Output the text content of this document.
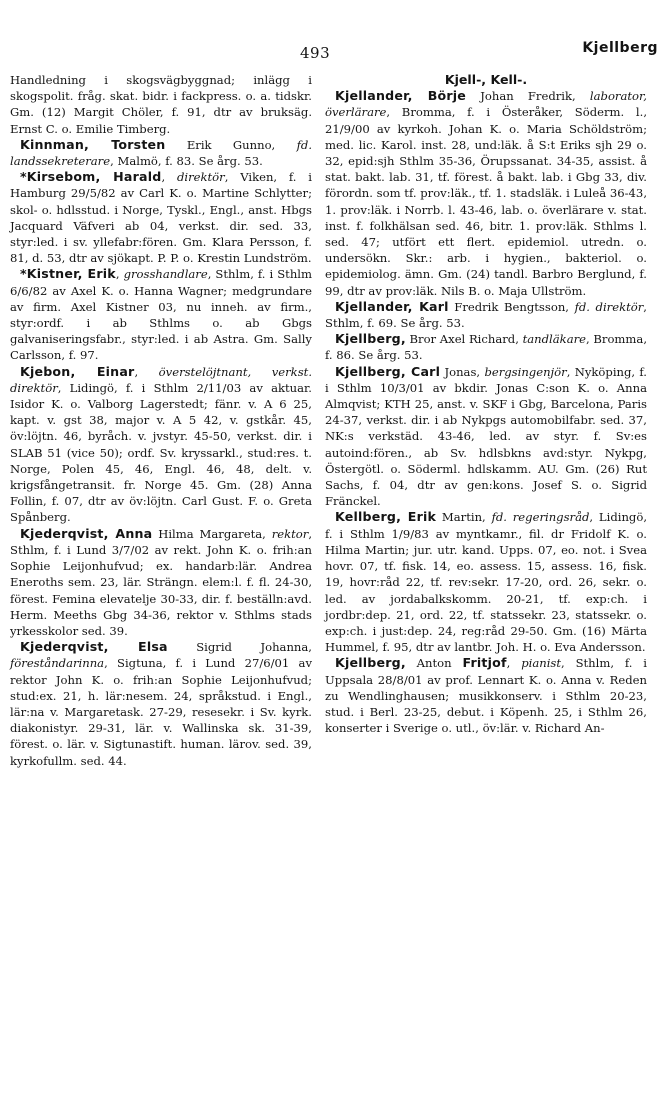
493	Kjellberg

Handledning i skogsvägbyggnad; inlägg i skogspolit. fråg. skat. bidr. i fackpress. o. a. tidskr. Gm. (12) Margit Chöler, f. 91, dtr av bruksäg. Ernst C. o. Emilie Timberg.

Kinnman, Torsten Erik Gunno, fd. landssekreterare, Malmö, f. 83. Se årg. 53.

*Kirsebom, Harald, direktör, Viken, f. i Hamburg 29/5/82 av Carl K. o. Martine Schlytter; skol- o. hdlsstud. i Norge, Tyskl., Engl., anst. Hbgs Jacquard Väfveri ab 04, verkst. dir. sed. 33, styr:led. i sv. yllefabr:fören. Gm. Klara Persson, f. 81, d. 53, dtr av sjökapt. P. P. o. Krestin Lundström.

*Kistner, Erik, grosshandlare, Sthlm, f. i Sthlm 6/6/82 av Axel K. o. Hanna Wagner; medgrundare av firm. Axel Kistner 03, nu inneh. av firm., styr:ordf. i ab Sthlms o. ab Gbgs galvaniseringsfabr., styr:led. i ab Astra. Gm. Sally Carlsson, f. 97.

Kjebon, Einar, överstelöjtnant, verkst. direktör, Lidingö, f. i Sthlm 2/11/03 av aktuar. Isidor K. o. Valborg Lagerstedt; fänr. v. A 6 25, kapt. v. gst 38, major v. A 5 42, v. gstkår. 45, öv:löjtn. 46, byråch. v. jvstyr. 45-50, verkst. dir. i SLAB 51 (vice 50); ordf. Sv. kryssarkl., stud:res. t. Norge, Polen 45, 46, Engl. 46, 48, delt. v. krigsfångetransit. fr. Norge 45. Gm. (28) Anna Follin, f. 07, dtr av öv:löjtn. Carl Gust. F. o. Greta Spånberg.

Kjederqvist, Anna Hilma Margareta, rektor, Sthlm, f. i Lund 3/7/02 av rekt. John K. o. frih:an Sophie Leijonhufvud; ex. handarb:lär. Andrea Eneroths sem. 23, lär. Strängn. elem:l. f. fl. 24-30, förest. Femina elevatelje 30-33, dir. f. beställn:avd. Herm. Meeths Gbg 34-36, rektor v. Sthlms stads yrkesskolor sed. 39.

Kjederqvist, Elsa Sigrid Johanna, föreståndarinna, Sigtuna, f. i Lund 27/6/01 av rektor John K. o. frih:an Sophie Leijonhufvud; stud:ex. 21, h. lär:nesem. 24, språkstud. i Engl., lär:na v. Margaretask. 27-29, resesekr. i Sv. kyrk. diakonistyr. 29-31, lär. v. Wallinska sk. 31-39, förest. o. lär. v. Sigtunastift. human. lärov. sed. 39, kyrkofullm. sed. 44.

Kjell-, Kell-.

Kjellander, Börje Johan Fredrik, laborator, överlärare, Bromma, f. i Österåker, Söderm. l., 21/9/00 av kyrkoh. Johan K. o. Maria Schöldström; med. lic. Karol. inst. 28, und:läk. å S:t Eriks sjh 29 o. 32, epid:sjh Sthlm 35-36, Örupssanat. 34-35, assist. å stat. bakt. lab. 31, tf. förest. å bakt. lab. i Gbg 33, div. förordn. som tf. prov:läk., tf. 1. stadsläk. i Luleå 36-43, 1. prov:läk. i Norrb. l. 43-46, lab. o. överlärare v. stat. inst. f. folkhälsan sed. 46, bitr. 1. prov:läk. Sthlms l. sed. 47; utfört ett flert. epidemiol. utredn. o. undersökn. Skr.: arb. i hygien., bakteriol. o. epidemiolog. ämn. Gm. (24) tandl. Barbro Berglund, f. 99, dtr av prov:läk. Nils B. o. Maja Ullström.

Kjellander, Karl Fredrik Bengtsson, fd. direktör, Sthlm, f. 69. Se årg. 53.

Kjellberg, Bror Axel Richard, tandläkare, Bromma, f. 86. Se årg. 53.

Kjellberg, Carl Jonas, bergsingenjör, Nyköping, f. i Sthlm 10/3/01 av bkdir. Jonas C:son K. o. Anna Almqvist; KTH 25, anst. v. SKF i Gbg, Barcelona, Paris 24-37, verkst. dir. i ab Nykpgs automobilfabr. sed. 37, NK:s verkstäd. 43-46, led. av styr. f. Sv:es autoind:fören., ab Sv. hdlsbkns avd:styr. Nykpg, Östergötl. o. Söderml. hdlskamm. AU. Gm. (26) Rut Sachs, f. 04, dtr av gen:kons. Josef S. o. Sigrid Fränckel.

Kellberg, Erik Martin, fd. regeringsråd, Lidingö, f. i Sthlm 1/9/83 av myntkamr., fil. dr Fridolf K. o. Hilma Martin; jur. utr. kand. Upps. 07, eo. not. i Svea hovr. 07, tf. fisk. 14, eo. assess. 15, assess. 16, fisk. 19, hovr:råd 22, tf. rev:sekr. 17-20, ord. 26, sekr. o. led. av jordabalkskomm. 20-21, tf. exp:ch. i jordbr:dep. 21, ord. 22, tf. statssekr. 23, statssekr. o. exp:ch. i just:dep. 24, reg:råd 29-50. Gm. (16) Märta Hummel, f. 95, dtr av lantbr. Joh. H. o. Eva Andersson.

Kjellberg, Anton Fritjof, pianist, Sthlm, f. i Uppsala 28/8/01 av prof. Lennart K. o. Anna v. Reden zu Wendlinghausen; musikkonserv. i Sthlm 20-23, stud. i Berl. 23-25, debut. i Köpenh. 25, i Sthlm 26, konserter i Sverige o. utl., öv:lär. v. Richard An-
